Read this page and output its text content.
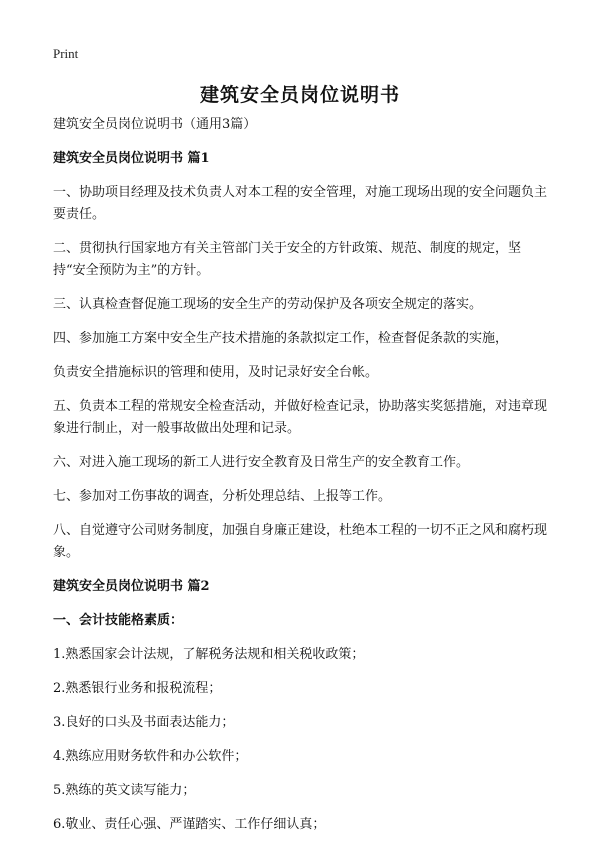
Print
建筑安全员岗位说明书

建筑安全员岗位说明书（通用3篇）

建筑安全员岗位说明书 篇1

一、协助项目经理及技术负责人对本工程的安全管理，对施工现场出现的安全问题负主要责任。

二、贯彻执行国家地方有关主管部门关于安全的方针政策、规范、制度的规定，坚持“安全预防为主”的方针。

三、认真检查督促施工现场的安全生产的劳动保护及各项安全规定的落实。

四、参加施工方案中安全生产技术措施的条款拟定工作，检查督促条款的实施，

负责安全措施标识的管理和使用，及时记录好安全台帐。

五、负责本工程的常规安全检查活动，并做好检查记录，协助落实奖惩措施，对违章现象进行制止，对一般事故做出处理和记录。

六、对进入施工现场的新工人进行安全教育及日常生产的安全教育工作。

七、参加对工伤事故的调查，分析处理总结、上报等工作。

八、自觉遵守公司财务制度，加强自身廉正建设，杜绝本工程的一切不正之风和腐朽现象。

建筑安全员岗位说明书 篇2

一、会计技能格素质：

1.熟悉国家会计法规，了解税务法规和相关税收政策；

2.熟悉银行业务和报税流程；

3.良好的口头及书面表达能力；

4.熟练应用财务软件和办公软件；

5.熟练的英文读写能力；

6.敬业、责任心强、严谨踏实、工作仔细认真；
